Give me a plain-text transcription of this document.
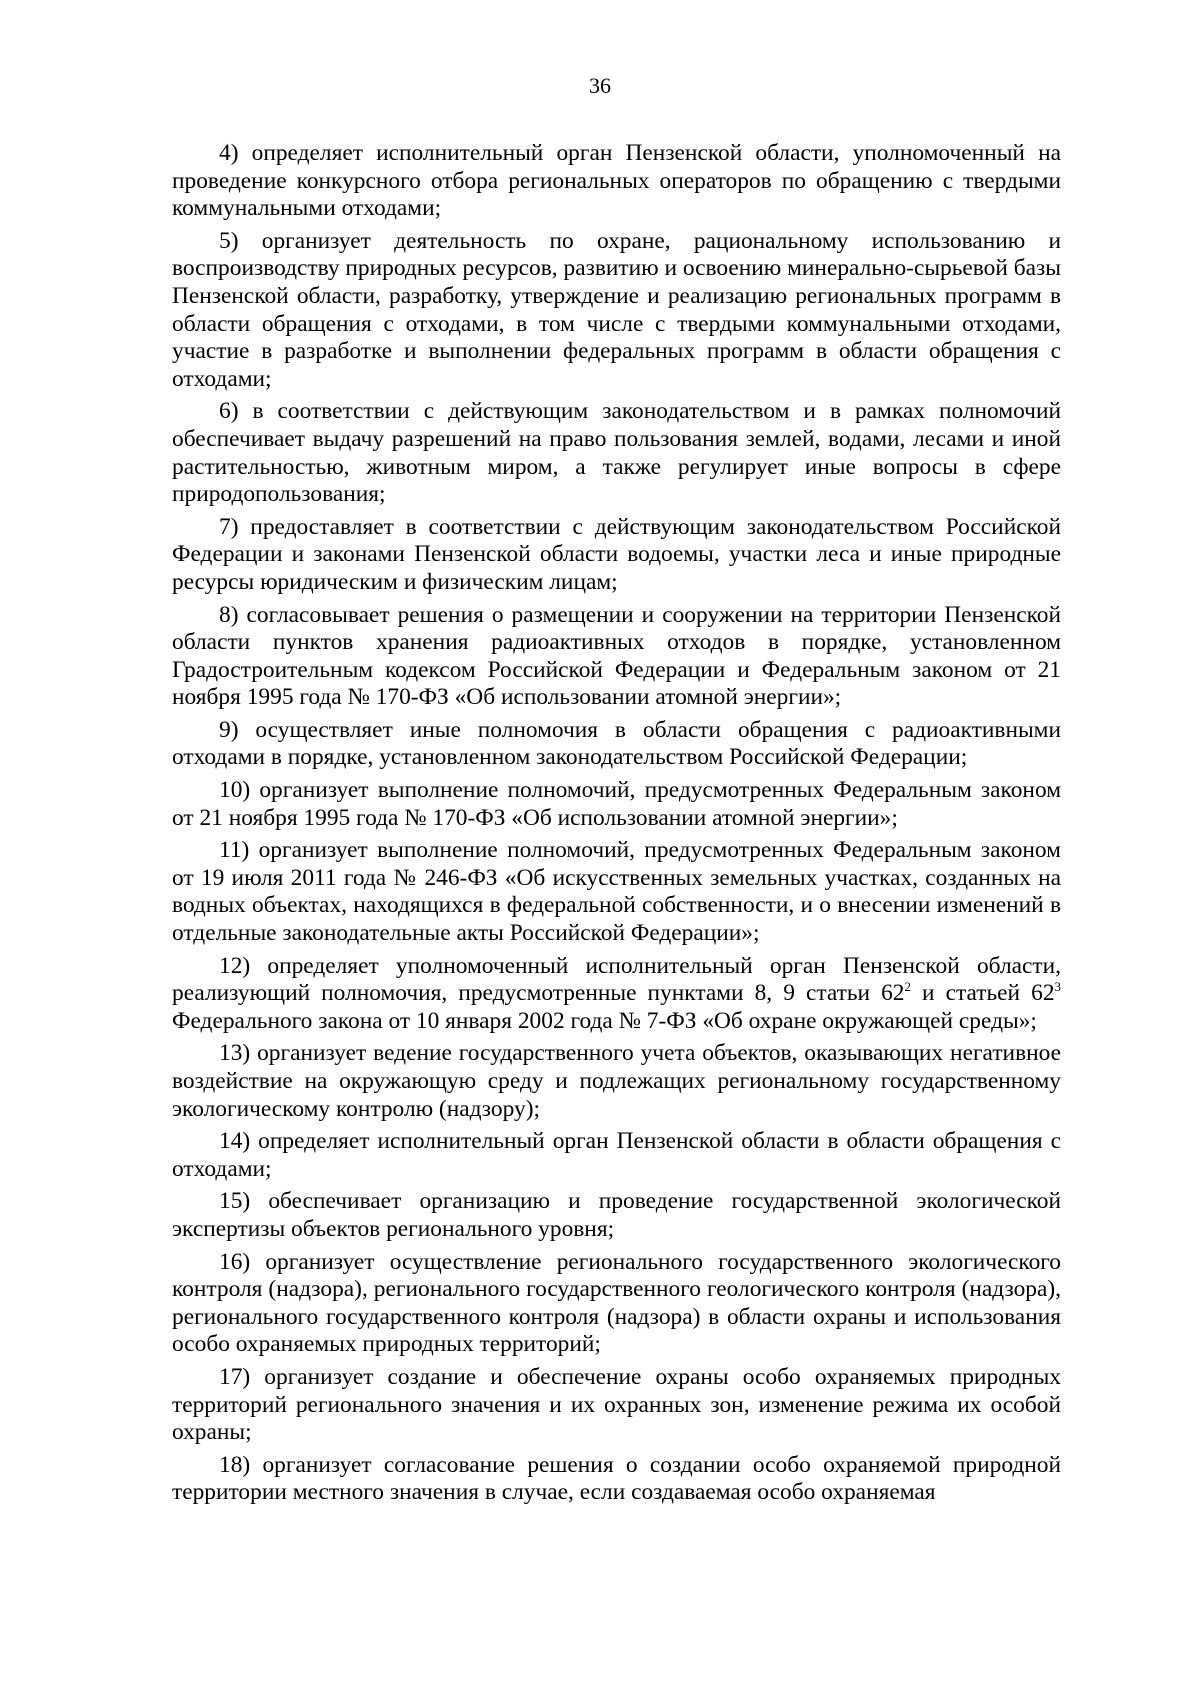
36

4) определяет исполнительный орган Пензенской области, уполномоченный на проведение конкурсного отбора региональных операторов по обращению с твердыми коммунальными отходами;

5) организует деятельность по охране, рациональному использованию и воспроизводству природных ресурсов, развитию и освоению минерально-сырьевой базы Пензенской области, разработку, утверждение и реализацию региональных программ в области обращения с отходами, в том числе с твердыми коммунальными отходами, участие в разработке и выполнении федеральных программ в области обращения с отходами;

6) в соответствии с действующим законодательством и в рамках полномочий обеспечивает выдачу разрешений на право пользования землей, водами, лесами и иной растительностью, животным миром, а также регулирует иные вопросы в сфере природопользования;

7) предоставляет в соответствии с действующим законодательством Российской Федерации и законами Пензенской области водоемы, участки леса и иные природные ресурсы юридическим и физическим лицам;

8) согласовывает решения о размещении и сооружении на территории Пензенской области пунктов хранения радиоактивных отходов в порядке, установленном Градостроительным кодексом Российской Федерации и Федеральным законом от 21 ноября 1995 года № 170-ФЗ «Об использовании атомной энергии»;

9) осуществляет иные полномочия в области обращения с радиоактивными отходами в порядке, установленном законодательством Российской Федерации;

10) организует выполнение полномочий, предусмотренных Федеральным законом от 21 ноября 1995 года № 170-ФЗ «Об использовании атомной энергии»;

11) организует выполнение полномочий, предусмотренных Федеральным законом от 19 июля 2011 года № 246-ФЗ «Об искусственных земельных участках, созданных на водных объектах, находящихся в федеральной собственности, и о внесении изменений в отдельные законодательные акты Российской Федерации»;

12) определяет уполномоченный исполнительный орган Пензенской области, реализующий полномочия, предусмотренные пунктами 8, 9 статьи $62^2$ и статьей $62^3$ Федерального закона от 10 января 2002 года № 7-ФЗ «Об охране окружающей среды»;

13) организует ведение государственного учета объектов, оказывающих негативное воздействие на окружающую среду и подлежащих региональному государственному экологическому контролю (надзору);

14) определяет исполнительный орган Пензенской области в области обращения с отходами;

15) обеспечивает организацию и проведение государственной экологической экспертизы объектов регионального уровня;

16) организует осуществление регионального государственного экологического контроля (надзора), регионального государственного геологического контроля (надзора), регионального государственного контроля (надзора) в области охраны и использования особо охраняемых природных территорий;

17) организует создание и обеспечение охраны особо охраняемых природных территорий регионального значения и их охранных зон, изменение режима их особой охраны;

18) организует согласование решения о создании особо охраняемой природной территории местного значения в случае, если создаваемая особо охраняемая
